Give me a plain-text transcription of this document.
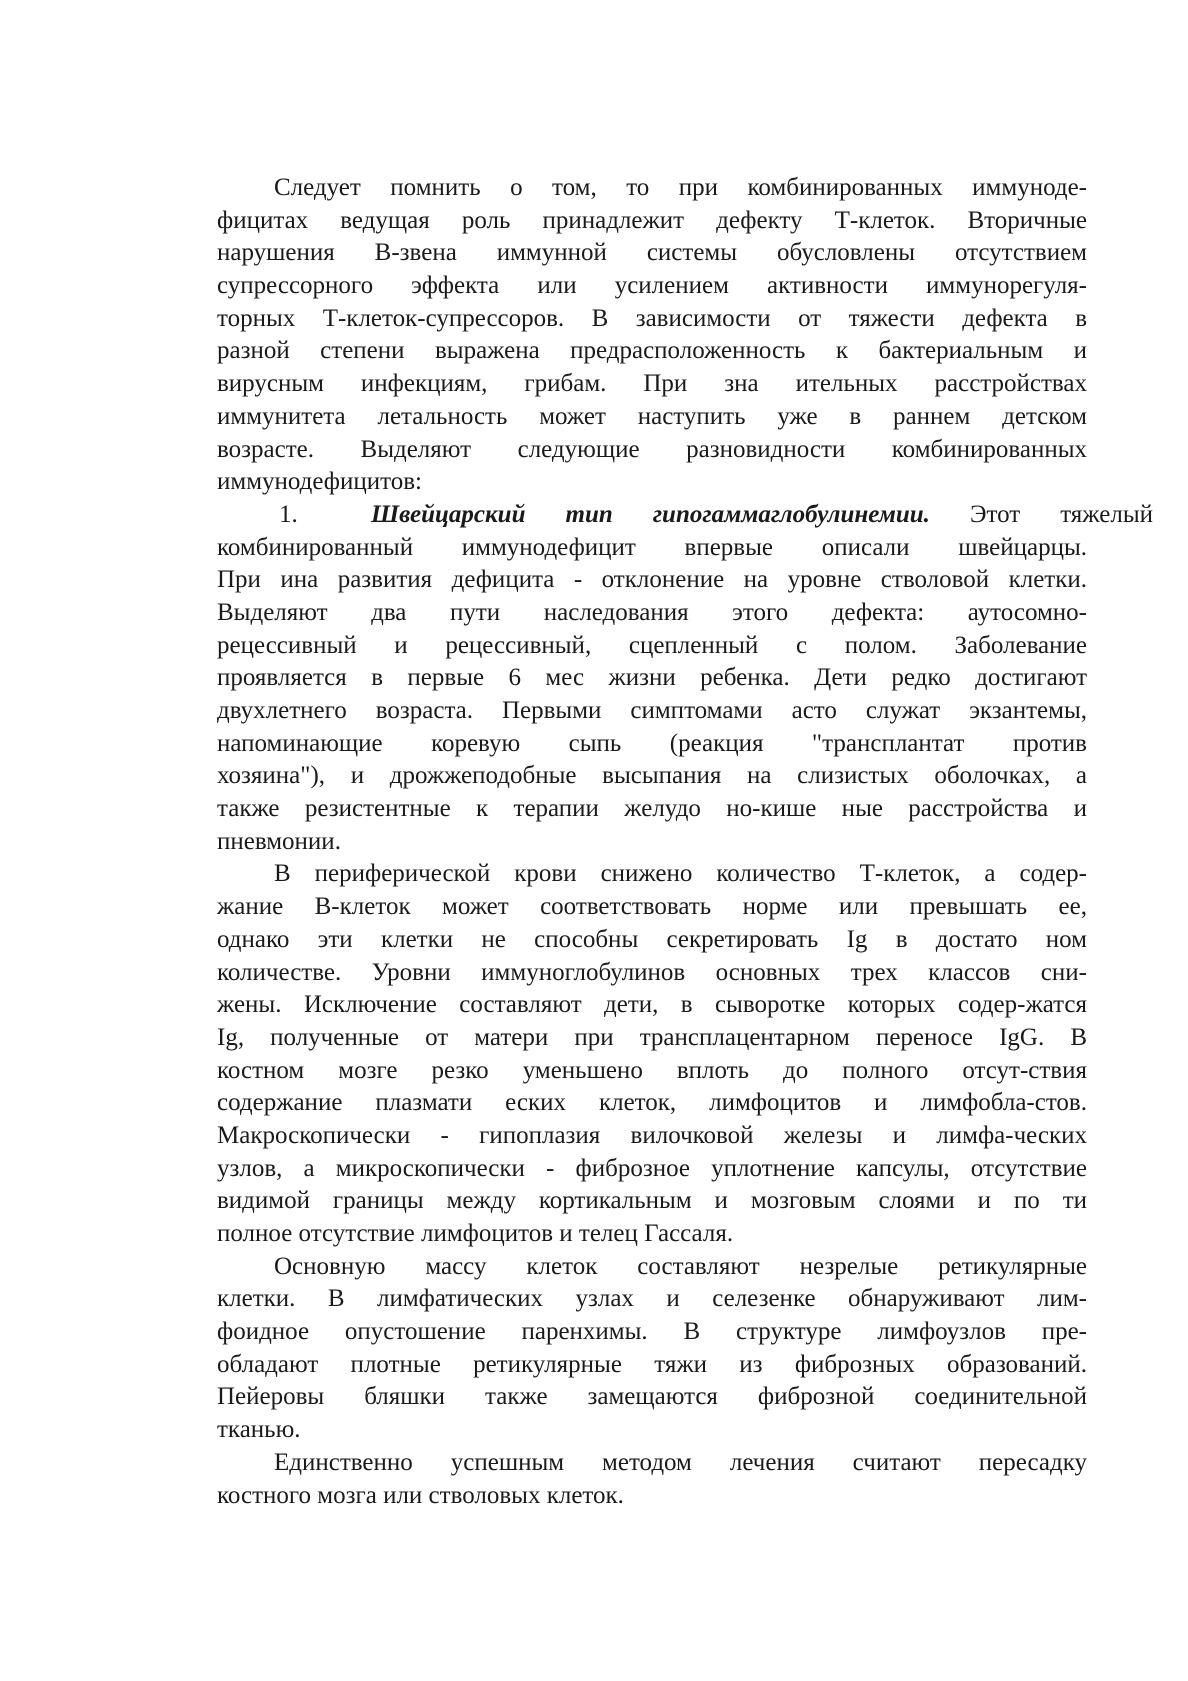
Следует помнить о том, то при комбинированных иммуноде-
фицитах ведущая роль принадлежит дефекту Т-клеток. Вторичные
нарушения В-звена иммунной системы обусловлены отсутствием
супрессорного эффекта или усилением активности иммунорегуля-
торных Т-клеток-супрессоров. В зависимости от тяжести дефекта в
разной степени выражена предрасположенность к бактериальным и
вирусным инфекциям, грибам. При зна ительных расстройствах
иммунитета летальность может наступить уже в раннем детском
возрасте. Выделяют следующие разновидности комбинированных
иммунодефицитов:
1.	Швейцарский тип гипогаммаглобулинемии. Этот тяжелый
комбинированный иммунодефицит впервые описали швейцарцы.
При ина развития дефицита - отклонение на уровне стволовой клетки.
Выделяют два пути наследования этого дефекта: аутосомно-
рецессивный и рецессивный, сцепленный с полом. Заболевание
проявляется в первые 6 мес жизни ребенка. Дети редко достигают
двухлетнего возраста. Первыми симптомами асто служат экзантемы,
напоминающие коревую сыпь (реакция "трансплантат против
хозяина"), и дрожжеподобные высыпания на слизистых оболочках, а
также резистентные к терапии желудо но-кише ные расстройства и
пневмонии.
В периферической крови снижено количество Т-клеток, а содер-
жание В-клеток может соответствовать норме или превышать ее,
однако эти клетки не способны секретировать Ig в достато ном
количестве. Уровни иммуноглобулинов основных трех классов сни-
жены. Исключение составляют дети, в сыворотке которых содер-жатся
Ig, полученные от матери при трансплацентарном переносе IgG. В
костном мозге резко уменьшено вплоть до полного отсут-ствия
содержание плазмати еских клеток, лимфоцитов и лимфобла-стов.
Макроскопически - гипоплазия вилочковой железы и лимфа-ческих
узлов, а микроскопически - фиброзное уплотнение капсулы, отсутствие
видимой границы между кортикальным и мозговым слоями и по ти
полное отсутствие лимфоцитов и телец Гассаля.
Основную массу клеток составляют незрелые ретикулярные
клетки. В лимфатических узлах и селезенке обнаруживают лим-
фоидное опустошение паренхимы. В структуре лимфоузлов пре-
обладают плотные ретикулярные тяжи из фиброзных образований.
Пейеровы бляшки также замещаются фиброзной соединительной
тканью.
Единственно успешным методом лечения считают пересадку
костного мозга или стволовых клеток.
